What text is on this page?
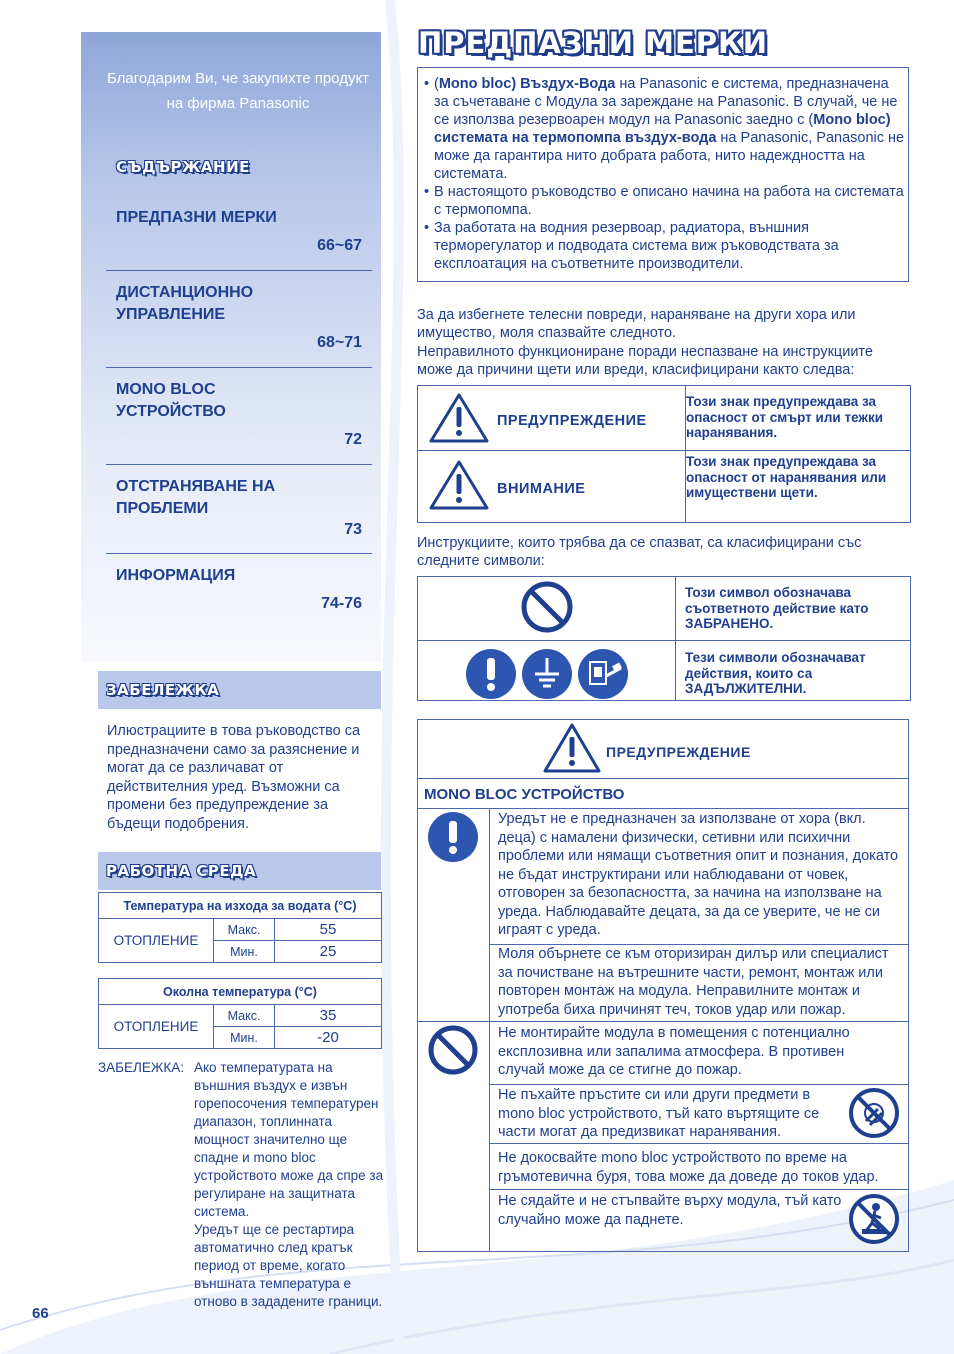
Благодарим Ви, че закупихте продукт на фирма Panasonic
СЪДЪРЖАНИЕ
ПРЕДПАЗНИ МЕРКИ
66~67
ДИСТАНЦИОННО УПРАВЛЕНИЕ
68~71
MONO BLOC УСТРОЙСТВО
72
ОТСТРАНЯВАНЕ НА ПРОБЛЕМИ
73
ИНФОРМАЦИЯ
74-76
ЗАБЕЛЕЖКА
Илюстрациите в това ръководство са предназначени само за разяснение и могат да се различават от действителния уред. Възможни са промени без предупреждение за бъдещи подобрения.
РАБОТНА СРЕДА
Температура на изхода за водата (°C)		
ОТОПЛЕНИЕ	Макс.	55
	Мин.	25
Околна температура (°C)		
ОТОПЛЕНИЕ	Макс.	35
	Мин.	-20
ЗАБЕЛЕЖКА: Ако температурата на външния въздух е извън горепосочения температурен диапазон, топлинната мощност значително ще спадне и mono bloc устройството може да спре за регулиране на защитната система.
Уредът ще се рестартира автоматично след кратък период от време, когато външната температура е отново в зададените граници.
66
ПРЕДПАЗНИ МЕРКИ

• (Mono bloc) Въздух-Вода на Panasonic е система, предназначена за съчетаване с Модула за зареждане на Panasonic. В случай, че не се използва резервоарен модул на Panasonic заедно с (Mono bloc) системата на термопомпа въздух-вода на Panasonic, Panasonic не може да гарантира нито добрата работа, нито надеждността на системата.

• В настоящото ръководство е описано начина на работа на системата с термопомпа.

• За работата на водния резервоар, радиатора, външния терморегулатор и подводата система виж ръководствата за експлоатация на съответните производители.

За да избегнете телесни повреди, нараняване на други хора или имущество, моля спазвайте следното.
Неправилното функциониране поради неспазване на инструкциите може да причини щети или вреди, класифицирани както следва:
ПРЕДУПРЕЖДЕНИЕ
Този знак предупреждава за опасност от смърт или тежки наранявания.
ВНИМАНИЕ
Този знак предупреждава за опасност от наранявания или имуществени щети.
Инструкциите, които трябва да се спазват, са класифицирани със следните символи:
Този символ обозначава съответното действие като ЗАБРАНЕНО.
Тези символи обозначават действия, които са ЗАДЪЛЖИТЕЛНИ.
ПРЕДУПРЕЖДЕНИЕ
MONO BLOC УСТРОЙСТВО
Уредът не е предназначен за използване от хора (вкл. деца) с намалени физически, сетивни или психични проблеми или нямащи съответния опит и познания, докато не бъдат инструктирани или наблюдавани от човек, отговорен за безопасността, за начина на използване на уреда. Наблюдавайте децата, за да се уверите, че не си играят с уреда.
Моля обърнете се към оторизиран дилър или специалист за почистване на вътрешните части, ремонт, монтаж или повторен монтаж на модула. Неправилните монтаж и употреба биха причинят теч, токов удар или пожар.
Не монтирайте модула в помещения с потенциално експлозивна или запалима атмосфера. В противен случай може да се стигне до пожар.
Не пъхайте пръстите си или други предмети в mono bloc устройството, тъй като въртящите се части могат да предизвикат наранявания.
Не докосвайте mono bloc устройството по време на гръмотевична буря, това може да доведе до токов удар.
Не сядайте и не стъпвайте върху модула, тъй като случайно може да паднете.
